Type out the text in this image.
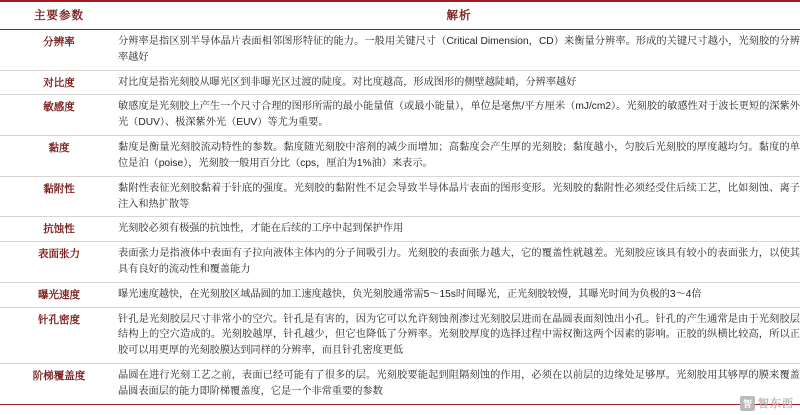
主要参数	解析
分辨率	分辨率是指区别半导体晶片表面相邻图形特征的能力。一般用关键尺寸（Critical Dimension，CD）来衡量分辨率。形成的关键尺寸越小，光刻胶的分辨率越好
对比度	对比度是指光刻胶从曝光区到非曝光区过渡的陡度。对比度越高，形成图形的侧壁越陡峭，分辨率越好
敏感度	敏感度是光刻胶上产生一个尺寸合理的图形所需的最小能量值（或最小能量），单位是毫焦/平方厘米（mJ/cm2）。光刻胶的敏感性对于波长更短的深紫外光（DUV）、极深紫外光（EUV）等尤为重要。
黏度	黏度是衡量光刻胶流动特性的参数。黏度随光刻胶中溶剂的减少而增加；高黏度会产生厚的光刻胶；黏度越小，匀胶后光刻胶的厚度越均匀。黏度的单位是泊（poise），光刻胶一般用百分比（cps，厘泊为1%油）来表示。
黏附性	黏附性表征光刻胶黏着于针底的强度。光刻胶的黏附性不足会导致半导体晶片表面的图形变形。光刻胶的黏附性必须经受住后续工艺，比如刻蚀、离子注入和热扩散等
抗蚀性	光刻胶必须有极强的抗蚀性，才能在后续的工序中起到保护作用
表面张力	表面张力是指液体中表面有子拉向液体主体内的分子间吸引力。光刻胶的表面张力越大，它的覆盖性就越差。光刻胶应该具有较小的表面张力，以使其具有良好的流动性和覆盖能力
曝光速度	曝光速度越快，在光刻胶区域晶圆的加工速度越快，负光刻胶通常需5～15s时间曝光，正光刻胶较慢，其曝光时间为负极的3～4倍
针孔密度	针孔是光刻胶层尺寸非常小的空穴。针孔是有害的，因为它可以允许刻蚀剂渗过光刻胶层进而在晶圆表面刻蚀出小孔。针孔的产生通常是由于光刻胶层结构上的空穴造成的。光刻胶越厚，针孔越少，但它也降低了分辨率。光刻胶厚度的选择过程中需权衡这两个因素的影响。正胶的纵横比较高，所以正胶可以用更厚的光刻胶膜达到同样的分辨率，而且针孔密度更低
阶梯覆盖度	晶圆在进行光刻工艺之前，表面已经可能有了很多的层。光刻胶要能起到阻隔刻蚀的作用，必须在以前层的边缘处足够厚。光刻胶用其够厚的膜来覆盖晶圆表面层的能力即阶梯覆盖度，它是一个非常重要的参数
智 智东西
